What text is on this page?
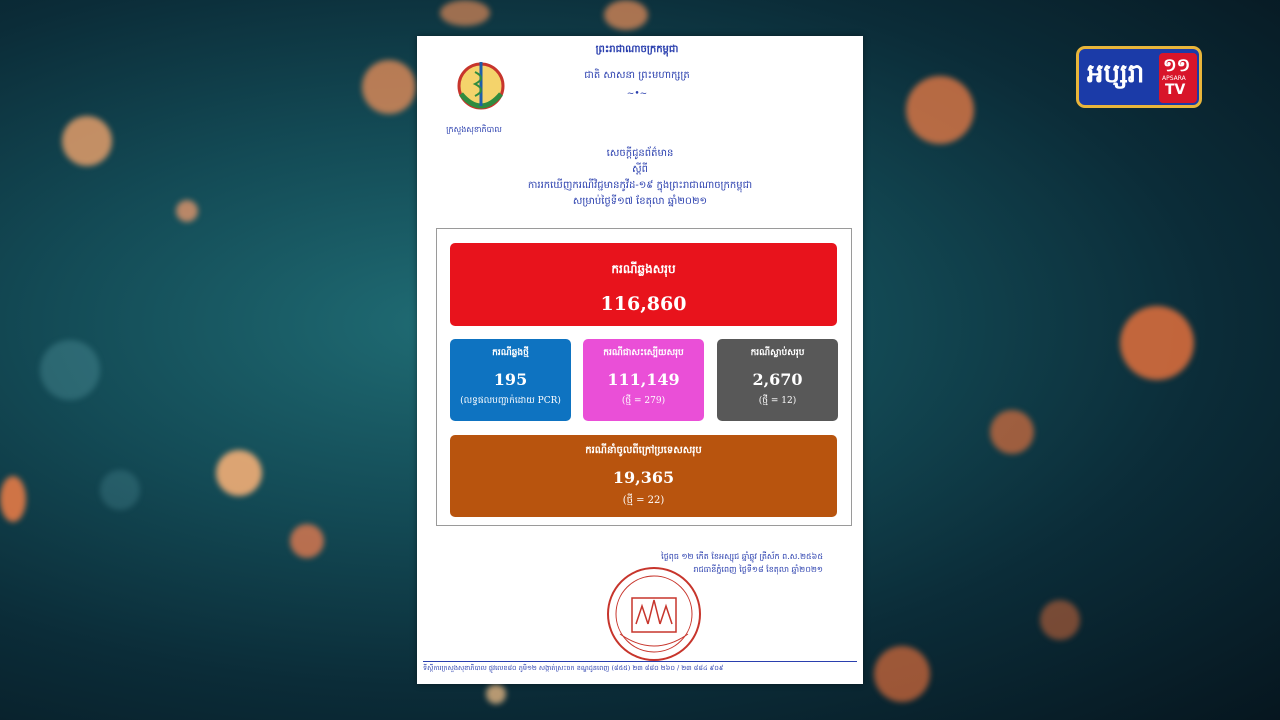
ក្រសួងសុខាភិបាល
ព្រះរាជាណាចក្រកម្ពុជា
ជាតិ សាសនា ព្រះមហាក្សត្រ
~•~
សេចក្ដីជូនព័ត៌មាន
ស្ដីពី
ការរកឃើញករណីវិជ្ជមានកូវីដ-១៩ ក្នុងព្រះរាជាណាចក្រកម្ពុជា
សម្រាប់ថ្ងៃទី១៧ ខែតុលា ឆ្នាំ២០២១
ករណីឆ្លងសរុប
116,860
ករណីឆ្លងថ្មី
195
(លទ្ធផលបញ្ជាក់ដោយ PCR)
ករណីជាសះស្បើយសរុប
111,149
(ថ្មី = 279)
ករណីស្លាប់សរុប
2,670
(ថ្មី = 12)
ករណីនាំចូលពីក្រៅប្រទេសសរុប
19,365
(ថ្មី = 22)
ថ្ងៃពុធ ១២ កើត ខែអស្សុជ ឆ្នាំឆ្លូវ ត្រីស័ក ព.ស.២៥៦៥
រាជធានីភ្នំពេញ ថ្ងៃទី១៨ ខែតុលា ឆ្នាំ២០២១
ទីស្ដីការក្រសួងសុខាភិបាល ផ្លូវលេខ៨០ ភូមិ១២ សង្កាត់ស្រះចក ខណ្ឌដូនពេញ (៨៥៥) ២៣ ៨៨០ ២៦០ / ២៣ ៨៨៤ ៩០៩
អប្សរា ១១
APSARA
TV
